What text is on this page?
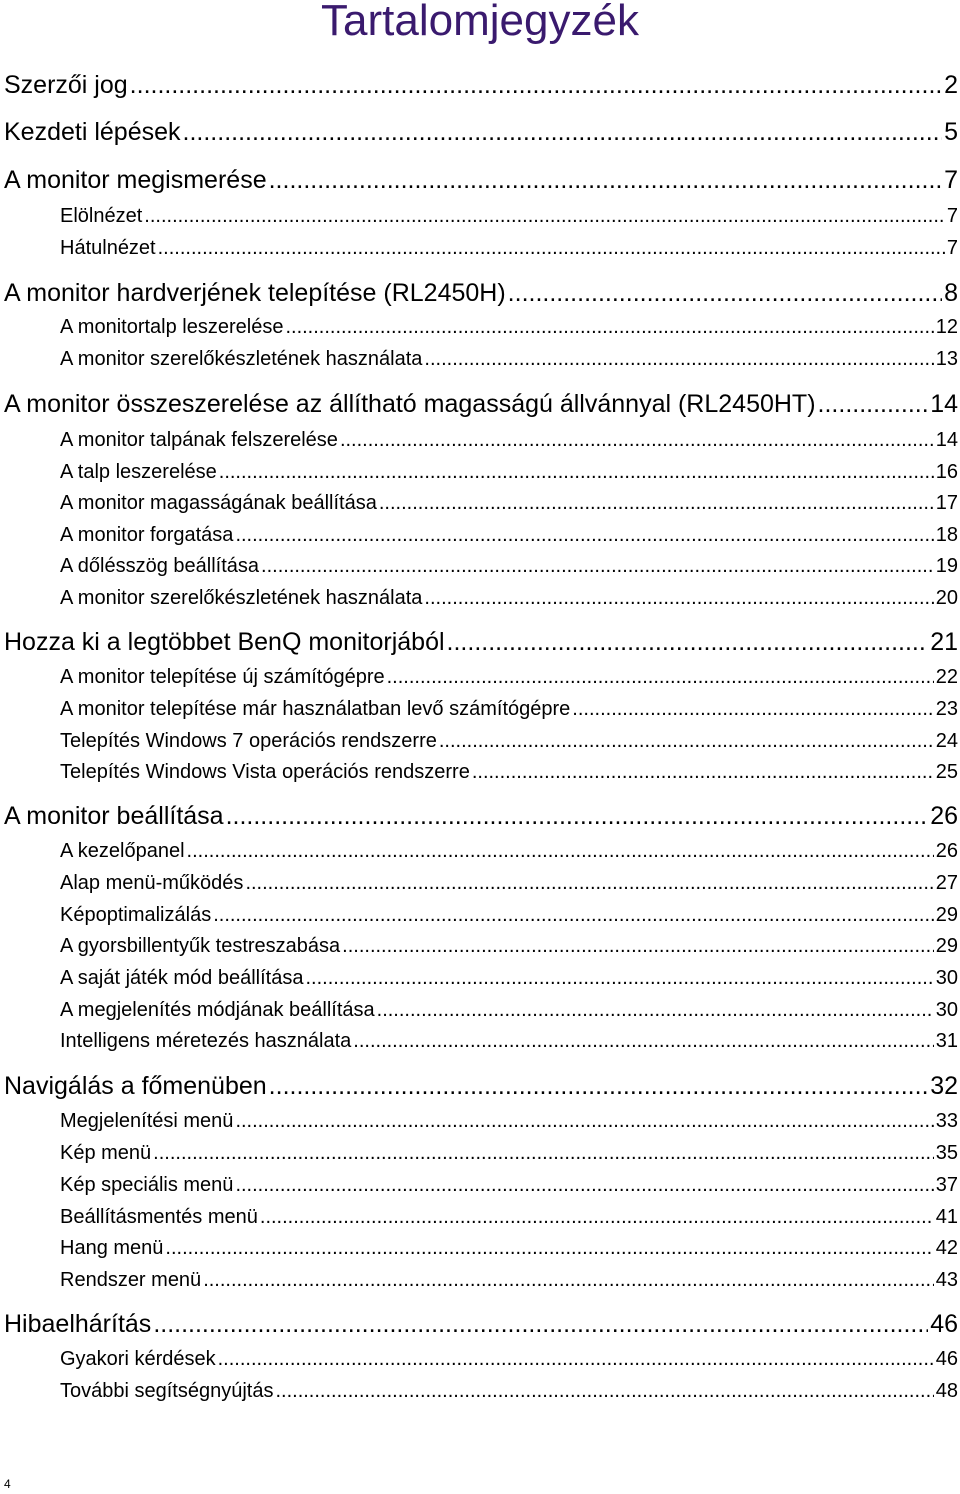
Tartalomjegyzék
Szerzői jog .....	2
Kezdeti lépések .....	5
A monitor megismerése .....	7
Elölnézet .....	7
Hátulnézet .....	7
A monitor hardverjének telepítése (RL2450H) .....	8
A monitortalp leszerelése .....	12
A monitor szerelőkészletének használata .....	13
A monitor összeszerelése az állítható magasságú állvánnyal (RL2450HT) .....	14
A monitor talpának felszerelése .....	14
A talp leszerelése .....	16
A monitor magasságának beállítása .....	17
A monitor forgatása .....	18
A dőlésszög beállítása .....	19
A monitor szerelőkészletének használata .....	20
Hozza ki a legtöbbet BenQ monitorjából .....	21
A monitor telepítése új számítógépre .....	22
A monitor telepítése már használatban levő számítógépre .....	23
Telepítés Windows 7 operációs rendszerre .....	24
Telepítés Windows Vista operációs rendszerre .....	25
A monitor beállítása .....	26
A kezelőpanel .....	26
Alap menü-működés .....	27
Képoptimalizálás .....	29
A gyorsbillentyűk testreszabása .....	29
A saját játék mód beállítása .....	30
A megjelenítés módjának beállítása .....	30
Intelligens méretezés használata .....	31
Navigálás a főmenüben .....	32
Megjelenítési menü .....	33
Kép menü .....	35
Kép speciális menü .....	37
Beállításmentés menü .....	41
Hang menü .....	42
Rendszer menü .....	43
Hibaelhárítás .....	46
Gyakori kérdések .....	46
További segítségnyújtás .....	48
4
